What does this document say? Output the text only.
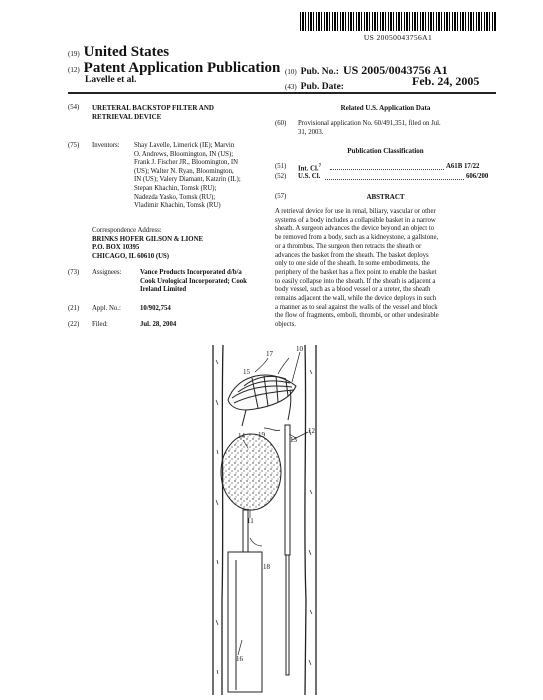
US 20050043756A1
(19) United States
(12) Patent Application Publication
Lavelle et al.
(10) Pub. No.: US 2005/0043756 A1
(43) Pub. Date:	Feb. 24, 2005
(54) URETERAL BACKSTOP FILTER AND
RETRIEVAL DEVICE
(75) Inventors: Shay Lavelle, Limerick (IE); Marvin
O. Andrews, Bloomington, IN (US);
Frank J. Fischer JR., Bloomington, IN
(US); Walter N. Ryan, Bloomington,
IN (US); Valery Diamant, Katzrin (IL);
Stepan Khachin, Tomsk (RU);
Nadezda Yasko, Tomsk (RU);
Vladimir Khachin, Tomsk (RU)
Correspondence Address:
BRINKS HOFER GILSON & LIONE
P.O. BOX 10395
CHICAGO, IL 60610 (US)
(73) Assignees:	Vance Products Incorporated d/b/a
Cook Urological Incorporated; Cook
Ireland Limited
(21) Appl. No.:	10/902,754
(22) Filed:	Jul. 28, 2004
Related U.S. Application Data
(60) Provisional application No. 60/491,351, filed on Jul.
31, 2003.
Publication Classification
(51) Int. Cl.$^7$	A61B 17/22
(52) U.S. Cl.	606/200
(57)	ABSTRACT
A retrieval device for use in renal, biliary, vascular or other
systems of a body includes a collapsible basket in a narrow
sheath. A surgeon advances the device beyond an object to
be removed from a body, such as a kidneystone, a gallstone,
or a thrombus. The surgeon then retracts the sheath or
advances the basket from the sheath. The basket deploys
only to one side of the sheath. In some embodiments, the
periphery of the basket has a flex point to enable the basket
to easily collapse into the sheath. If the sheath is adjacent a
body vessel, such as a blood vessel or a ureter, the sheath
remains adjacent the wall, while the device deploys in such
a manner as to seal against the walls of the vessel and block
the flow of fragments, emboli, thrombi, or other undesirable
objects.
15
17
10
14 19
13
12
11
18
16
